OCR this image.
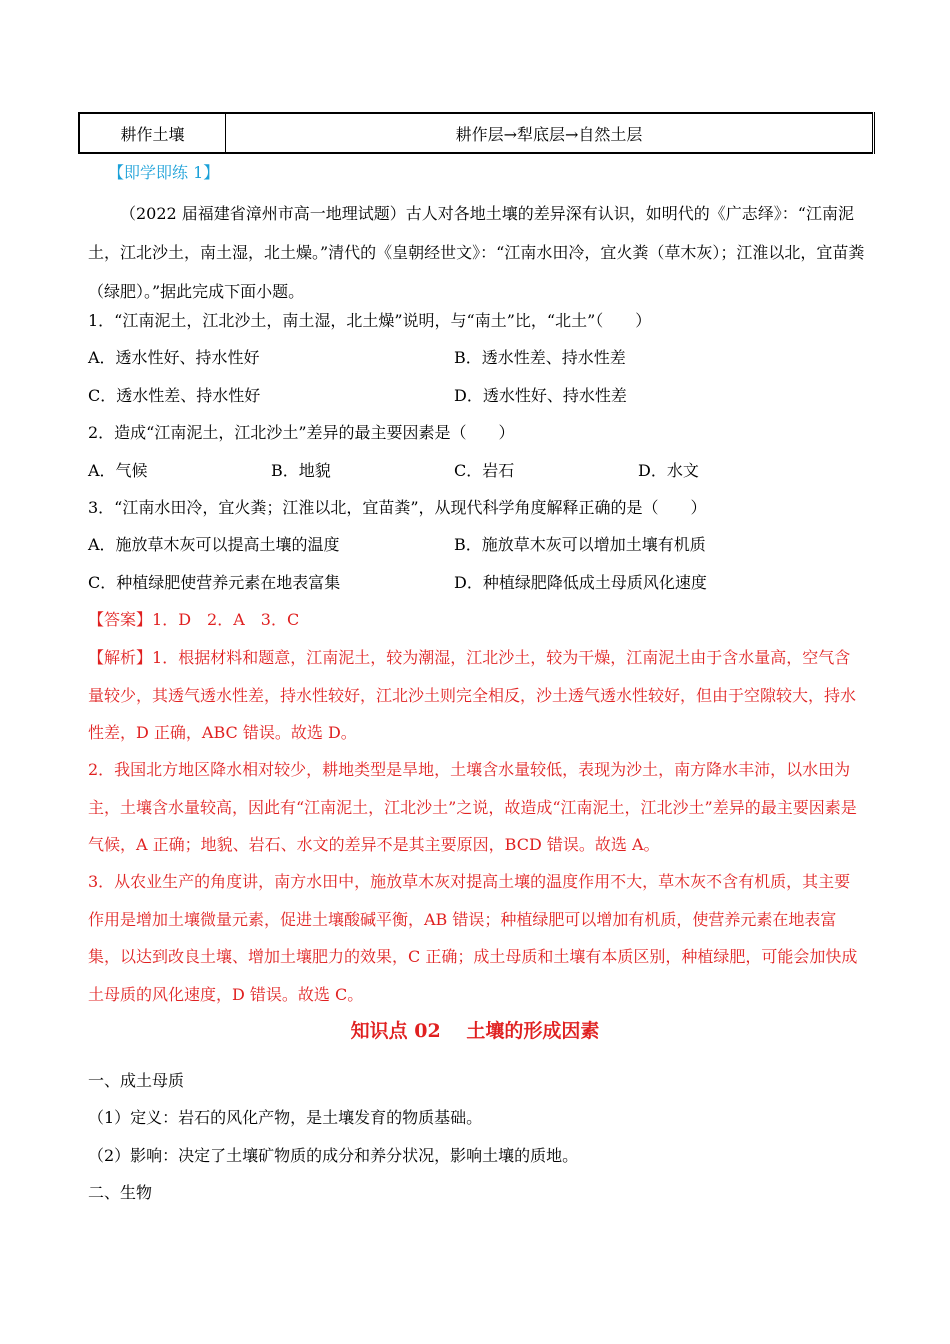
耕作土壤	耕作层→犁底层→自然土层
【即学即练 1】
（2022 届福建省漳州市高一地理试题）古人对各地土壤的差异深有认识，如明代的《广志绎》：“江南泥土，江北沙土，南土湿，北土燥。”清代的《皇朝经世文》：“江南水田冷，宜火粪（草木灰）；江淮以北，宜苗粪（绿肥）。”据此完成下面小题。
1．“江南泥土，江北沙土，南土湿，北土燥”说明，与“南土”比，“北土”（　　）
A．透水性好、持水性好	B．透水性差、持水性差
C．透水性差、持水性好	D．透水性好、持水性差
2．造成“江南泥土，江北沙土”差异的最主要因素是（　　）
A．气候	B．地貌	C．岩石	D．水文
3．“江南水田冷，宜火粪；江淮以北，宜苗粪”，从现代科学角度解释正确的是（　　）
A．施放草木灰可以提高土壤的温度	B．施放草木灰可以增加土壤有机质
C．种植绿肥使营养元素在地表富集	D．种植绿肥降低成土母质风化速度
【答案】1．D　2．A　3．C
【解析】1．根据材料和题意，江南泥土，较为潮湿，江北沙土，较为干燥，江南泥土由于含水量高，空气含量较少，其透气透水性差，持水性较好，江北沙土则完全相反，沙土透气透水性较好，但由于空隙较大，持水性差，D 正确，ABC 错误。故选 D。
2．我国北方地区降水相对较少，耕地类型是旱地，土壤含水量较低，表现为沙土，南方降水丰沛，以水田为主，土壤含水量较高，因此有“江南泥土，江北沙土”之说，故造成“江南泥土，江北沙土”差异的最主要因素是气候，A 正确；地貌、岩石、水文的差异不是其主要原因，BCD 错误。故选 A。
3．从农业生产的角度讲，南方水田中，施放草木灰对提高土壤的温度作用不大，草木灰不含有机质，其主要作用是增加土壤微量元素，促进土壤酸碱平衡，AB 错误；种植绿肥可以增加有机质，使营养元素在地表富集，以达到改良土壤、增加土壤肥力的效果，C 正确；成土母质和土壤有本质区别，种植绿肥，可能会加快成土母质的风化速度，D 错误。故选 C。
知识点 02　 土壤的形成因素
一、成土母质
（1）定义：岩石的风化产物，是土壤发育的物质基础。
（2）影响：决定了土壤矿物质的成分和养分状况，影响土壤的质地。
二、生物
